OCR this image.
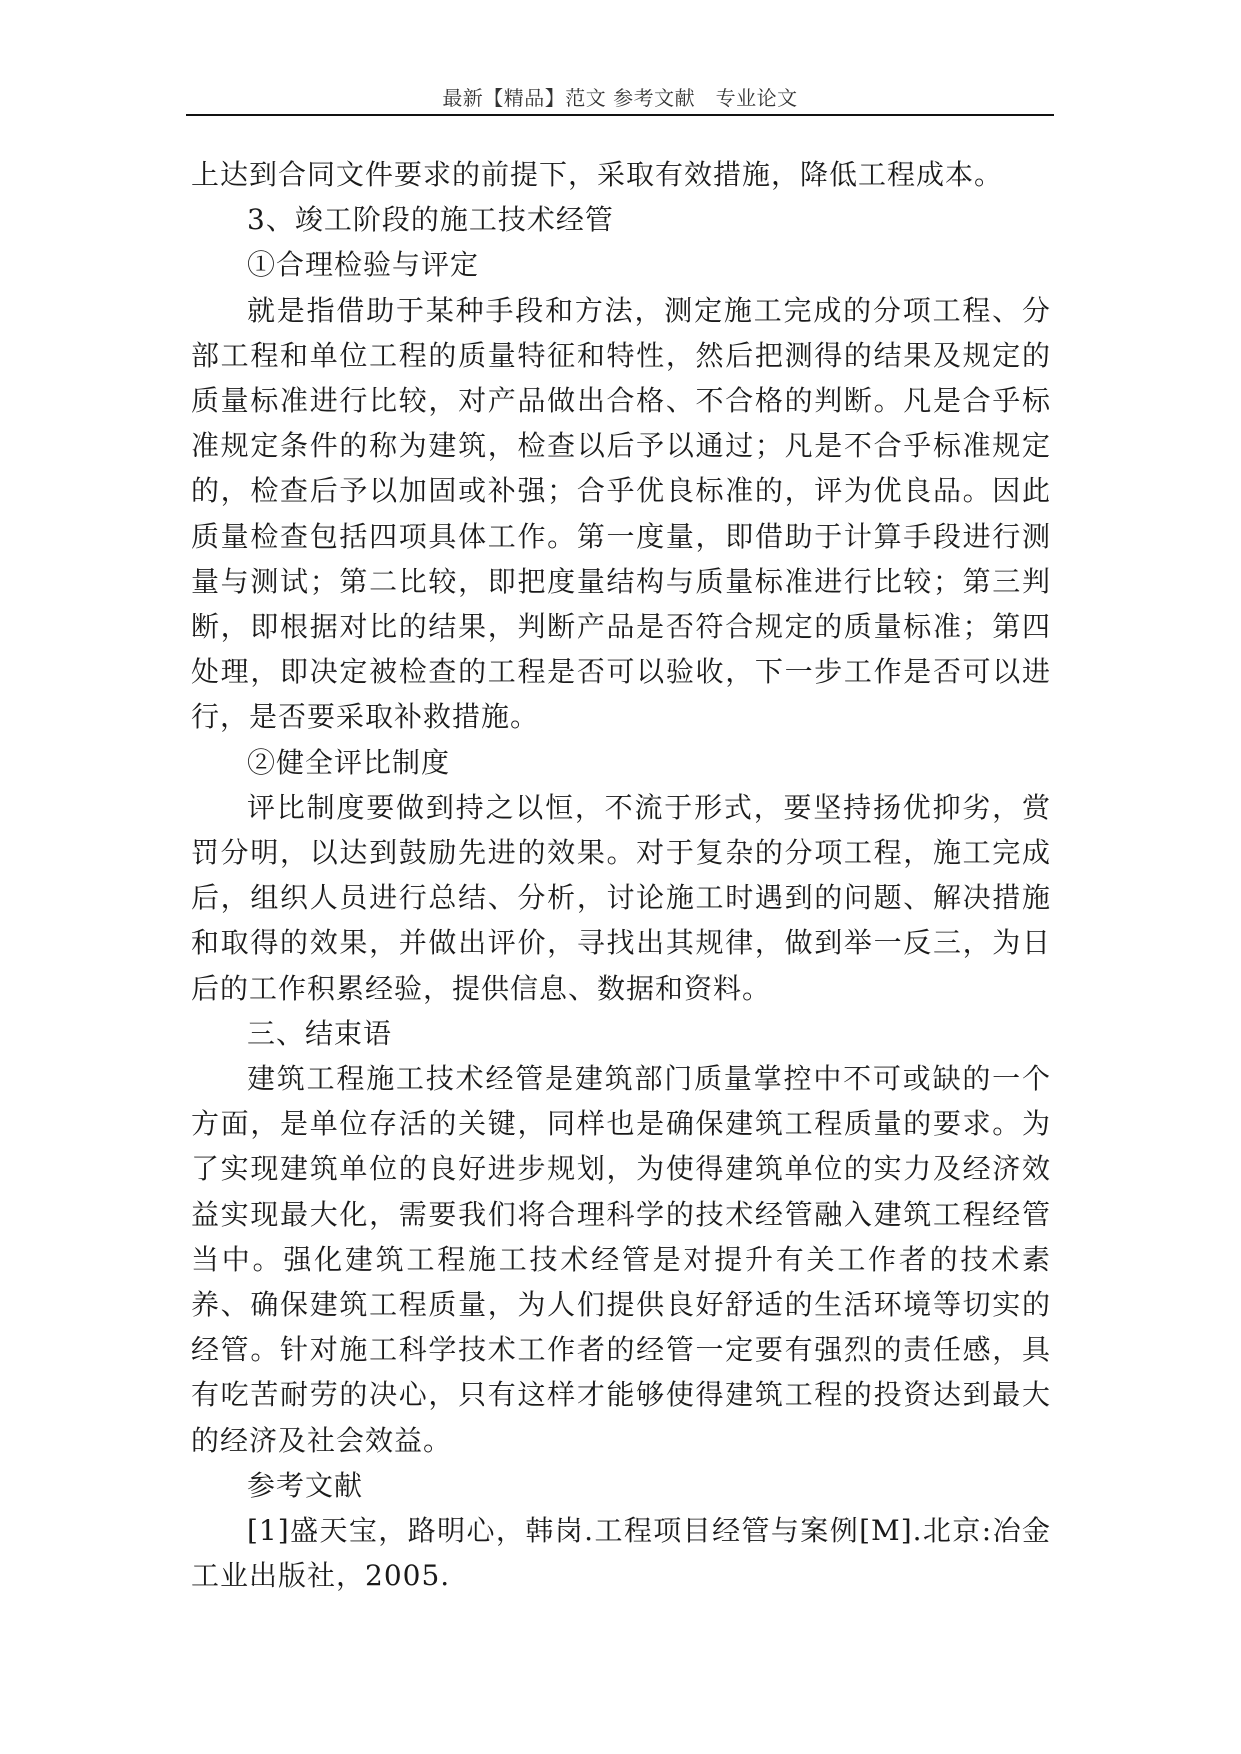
最新【精品】范文 参考文献　专业论文

上达到合同文件要求的前提下，采取有效措施，降低工程成本。

3、竣工阶段的施工技术经管

①合理检验与评定

就是指借助于某种手段和方法，测定施工完成的分项工程、分部工程和单位工程的质量特征和特性，然后把测得的结果及规定的质量标准进行比较，对产品做出合格、不合格的判断。凡是合乎标准规定条件的称为建筑，检查以后予以通过；凡是不合乎标准规定的，检查后予以加固或补强；合乎优良标准的，评为优良品。因此质量检查包括四项具体工作。第一度量，即借助于计算手段进行测量与测试；第二比较，即把度量结构与质量标准进行比较；第三判断，即根据对比的结果，判断产品是否符合规定的质量标准；第四处理，即决定被检查的工程是否可以验收，下一步工作是否可以进行，是否要采取补救措施。

②健全评比制度

评比制度要做到持之以恒，不流于形式，要坚持扬优抑劣，赏罚分明，以达到鼓励先进的效果。对于复杂的分项工程，施工完成后，组织人员进行总结、分析，讨论施工时遇到的问题、解决措施和取得的效果，并做出评价，寻找出其规律，做到举一反三，为日后的工作积累经验，提供信息、数据和资料。

三、结束语

建筑工程施工技术经管是建筑部门质量掌控中不可或缺的一个方面，是单位存活的关键，同样也是确保建筑工程质量的要求。为了实现建筑单位的良好进步规划，为使得建筑单位的实力及经济效益实现最大化，需要我们将合理科学的技术经管融入建筑工程经管当中。强化建筑工程施工技术经管是对提升有关工作者的技术素养、确保建筑工程质量，为人们提供良好舒适的生活环境等切实的经管。针对施工科学技术工作者的经管一定要有强烈的责任感，具有吃苦耐劳的决心，只有这样才能够使得建筑工程的投资达到最大的经济及社会效益。

参考文献

[1]盛天宝，路明心，韩岗.工程项目经管与案例[M].北京:冶金工业出版社，2005.
